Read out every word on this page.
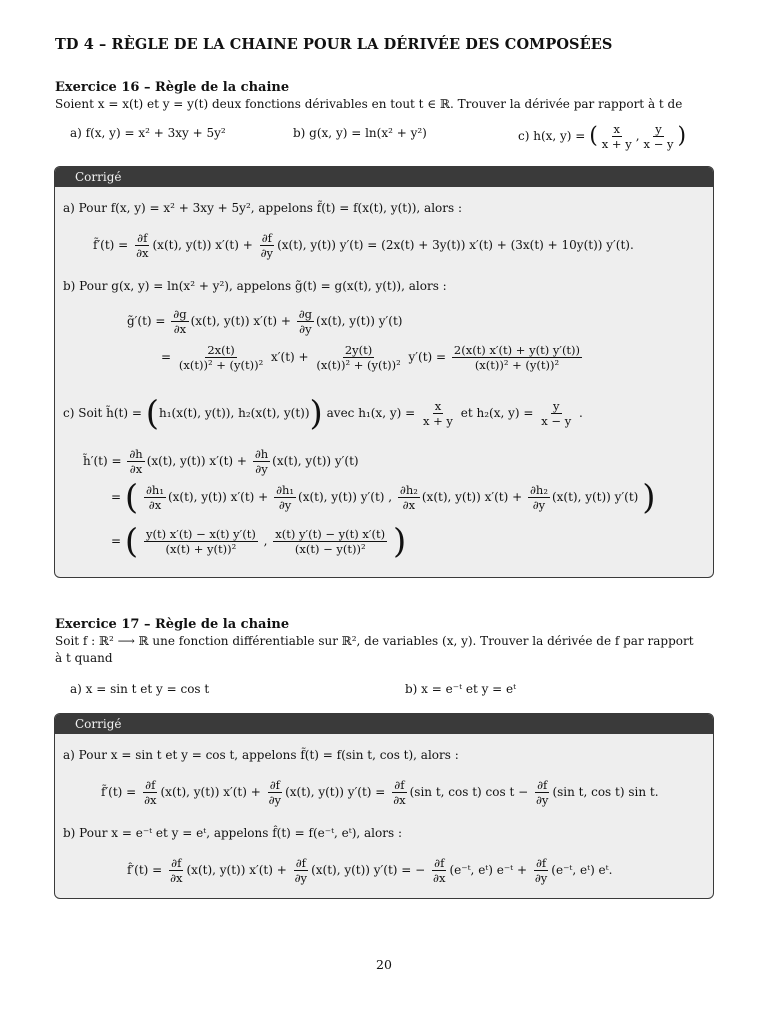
TD 4 – RÈGLE DE LA CHAINE POUR LA DÉRIVÉE DES COMPOSÉES
Exercice 16 – Règle de la chaine
Soient x = x(t) et y = y(t) deux fonctions dérivables en tout t ∈ ℝ. Trouver la dérivée par rapport à t de
a) f(x, y) = x² + 3xy + 5y²	b) g(x, y) = ln(x² + y²)	c) h(x, y) = ( $\frac{x}{x + y}$ , $\frac{y}{x - y}$ )
Corrigé
a) Pour f(x, y) = x² + 3xy + 5y², appelons f̃(t) = f(x(t), y(t)), alors :
f̃′(t) = $\frac{\partial f}{\partial x} (x(t)$, y(t)) $x'(t) + \frac{\partial f}{\partial y} (x(t)$, y(t)) y′(t) = (2x(t) + 3y(t)) x′(t) + (3x(t) + 10y(t)) y′(t).
b) Pour g(x, y) = ln(x² + y²), appelons g̃(t) = g(x(t), y(t)), alors :
g̃′(t) = $\frac{\partial g}{\partial x} (x(t)$, y(t)) $x'(t) + \frac{\partial g}{\partial y} (x(t)$, y(t)) y′(t)
= $\frac{2x(t)}{\text{(x(t))² + (y(t))²}} x'(t) + \frac{2y(t)}{\text{(x(t))² + (y(t))²}} y'(t) = \frac{2(x(t) x'(t) + y(t) y'(t))}{\text{(x(t))² + (y(t))²}}$
c) Soit h̃(t) = (h₁(x(t), y(t)), h₂(x(t), y(t))) avec h₁(x, $y) = \frac{x}{x + y}$ et h₂(x, $y) = \frac{y}{x - y}$ .
h̃′(t) = $\frac{\partial h}{\partial x} (x(t)$, y(t)) $x'(t) + \frac{\partial h}{\partial y} (x(t)$, y(t)) y′(t)
= ( $\frac{\text{∂h₁}}{\partial x} (x(t)$, y(t)) $x'(t) + \frac{\text{∂h₁}}{\partial y} (x(t)$, y(t)) y′(t) , $\frac{\text{∂h₂}}{\partial x} (x(t)$, y(t)) $x'(t) + \frac{\text{∂h₂}}{\partial y} (x(t)$, y(t)) y′(t) )
= ( $\frac{y(t) x'(t) - x(t) y'(t)}{\text{(x(t) + y(t))²}}$ , $\frac{x(t) y'(t) - y(t) x'(t)}{\text{(x(t) − y(t))²}}$ )
Exercice 17 – Règle de la chaine
Soit f : ℝ² ⟶ ℝ une fonction différentiable sur ℝ², de variables (x, y). Trouver la dérivée de f par rapport
à t quand
a) x = sin t et y = cos t	b) x = e⁻ᵗ et y = eᵗ
Corrigé
a) Pour x = sin t et y = cos t, appelons f̃(t) = f(sin t, cos t), alors :
f̃′(t) = $\frac{\partial f}{\partial x} (x(t)$, y(t)) $x'(t) + \frac{\partial f}{\partial y} (x(t)$, y(t)) $y'(t) = \frac{\partial f}{\partial x} (\sin$ t, cos t) $\cos t - \frac{\partial f}{\partial y} (\sin$ t, cos t) sin t.
b) Pour x = e⁻ᵗ et y = eᵗ, appelons f̂(t) = f(e⁻ᵗ, eᵗ), alors :
f̂′(t) = $\frac{\partial f}{\partial x} (x(t)$, y(t)) $x'(t) + \frac{\partial f}{\partial y} (x(t)$, y(t)) y′(t) = − $\frac{\partial f}{\partial x}$ (e⁻ᵗ, eᵗ) e⁻ᵗ + $\frac{\partial f}{\partial y}$ (e⁻ᵗ, eᵗ) eᵗ.
20
